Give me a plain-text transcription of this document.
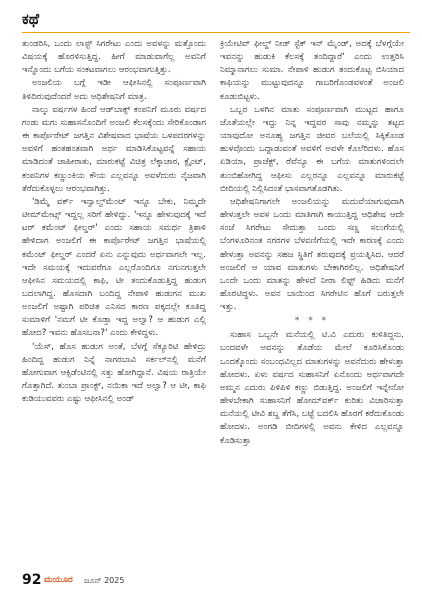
ಕಥೆ

ತುಂಡರಿಸಿ, ಒಂದು ಲಾಸ್ಟ್ ಸಿಗರೇಟು ಎಂದು ಅವಳನ್ನು ಮತ್ತೊಂದು ವಿಷಯಕ್ಕೆ ಹೊರಳಿಸುತ್ತಿದ್ದ. ಹೀಗೆ ಮಾಡುವಾಗೆಲ್ಲ ಅವನಿಗೆ ಇನ್ನೊಂದು ಬಗೆಯ ಸಂಕಟವಾಗಲು ಆರಂಭವಾಗುತ್ತಿತ್ತು.

ಅಂಜಲಿಯ ಬಗ್ಗೆ ಇಡೀ ಆಫೀಸಿನಲ್ಲಿ ಸಂಪೂರ್ಣವಾಗಿ ತಿಳಿದಿರುವುದೆಂದರೆ ಅದು ಆಧಿಶೇಷನಿಗೆ ಮಾತ್ರ.

ನಾಲ್ಕು ವರ್ಷಗಳ ಹಿಂದೆ ಆಡ್‌ಬಾಕ್ಸ್ ಕಂಪನಿಗೆ ಮೂರು ವರ್ಷದ ಗಂಡು ಮಗು ಸುಹಾಸನೊಂದಿಗೆ ಅಂಜಲಿ ಕೆಲಸಕ್ಕೆಂದು ಸೇರಿಕೊಂಡಾಗ ಈ ಕಾರ್ಪೊರೇಟ್ ಜಗತ್ತಿನ ವಿಶೇಷವಾದ ಭಾಷೆಯ ಒಳಪದರಗಳನ್ನು ಅವಳಿಗೆ ಹಂತಹಂತವಾಗಿ ಅರ್ಥ ಮಾಡಿಸಿಕೊಟ್ಟವನ್ನೆ ಸಹಾಯ ಮಾಡಿದಂತೆ ಜಾಹೀರಾತು, ಮಾರುಕಟ್ಟೆ ವಿಚಿತ್ರ ಲೆಕ್ಕಾಚಾರ, ಕ್ಲೈಂಟ್, ಕಂಪನಿಗಳ ಕಣ್ಣುಂಕಿಯ ಕೌಯ ಎಲ್ಲವನ್ನೂ ಅವಳೆದುರು ನೈಜವಾಗಿ ತೆರೆದುಕೊಳ್ಳಲು ಆರಂಭವಾಗಿತ್ತು.

'ಡಿಮ್ಮೆ ವರ್ಕ್ ಇನ್ವಾಲ್ವ್‌ಮೆಂಟ್ ಇನ್ನೂ ಬೇಕು, ನಿಮ್ಮದೇ ಟೀಮ್‌ಮೇಟ್ಸ್ ಇದ್ದಲ್ಲ ಸರಿಗೆ ಹೇಳಿದ್ದು. 'ಇನ್ನೂ ಹೇಳುವುದಕ್ಕೆ ಇದೆ ಟರ್ ಕಮೆಂಟ್ ಫೀಲ್ಡರ್' ಎಂದು ಸಹಾಯ ಸಮರ್ಥ ತ್ರಿಶಾಳಿ ಹೇಳಿದಾಗ ಅಂಜಲಿಗೆ ಈ ಕಾರ್ಪೊರೇಟ್ ಜಗತ್ತಿನ ಭಾಷೆಯಲ್ಲಿ ಕಮೆಂಟ್ ಫೀಲ್ಡರ್ ಎಂದರೆ ಏನು ಎನ್ನುವುದು ಅರ್ಥವಾಗಲೇ ಇಲ್ಲ. ಇದೇ ಸಮಯಕ್ಕೆ ಇದುವರೆಗೂ ಎಲ್ಲರೊಂದಿಗೂ ನಗುನಗುತ್ತಲೇ ಆಫೀಸಿನ ಸಮಯದಲ್ಲಿ ಕಾಫಿ, ಟೀ ತಂದುಕೊಡುತ್ತಿದ್ದ ಹುಡುಗ ಬದಲಾಗಿದ್ದ. ಹೊಸದಾಗಿ ಬಂದಿದ್ದ ನೇಪಾಳಿ ಹುಡುಗನ ಮುಖ ಅಂಜಲಿಗೆ ಅಷ್ಟಾಗಿ ಪರಿಚಿತ ಎನಿಸದ ಕಾರಣ ಪಕ್ಕದಲ್ಲೇ ಕೂತಿದ್ದ ಸುಮಾಳಿಗೆ 'ನಮಗೆ ಟೀ ಕೊಡ್ತಾ ಇದ್ದ ಅಲ್ವಾ? ಆ ಹುಡುಗ ಎಲ್ಲಿ ಹೋದ? ಇವನು ಹೊಸಬನಾ?' ಎಂದು ಕೇಳಿದ್ದಳು.

'ಯೆಸ್, ಹೊಸ ಹುಡುಗ ಅಂತೆ, ಬೆಳಗ್ಗೆ ಸೆಕ್ಯೂರಿಟಿ ಹೇಳಿದ್ರು ಹಿಂದಿದ್ದ ಹುಡುಗ ನಿನ್ನೆ ನಾಗರಬಾವಿ ಸರ್ಕಲ್‌ನಲ್ಲಿ ಮನೆಗೆ ಹೋಗುವಾಗ ಆಕ್ಸಿಡೆಂಟಿನಲ್ಲಿ ಸತ್ತು ಹೋಗಿದ್ದಾನೆ. ವಿಷಯ ರಾತ್ರಿಯೇ ಗೊತ್ತಾಗಿದೆ. ತುಂಬಾ ಪ್ರಾಂಕ್ಟ್, ನಯಿಕಾ ಇದೆ ಅಲ್ವಾ? ಆ ಟೀ, ಕಾಫಿ ಕುಡಿಯುವವರು ಎಷ್ಟು ಆಫೀಸಿನಲ್ಲಿ ಅಂಡ್

ಕ್ರಿಯೇಟಿವ್ ಫೀಲ್ಡ್ ನೀಡ್ ಸ್ಟೆಕ್ ಇನ್ ಮೈಂಡ್, ಅದಕ್ಕೆ ಬೆಳಗ್ಗೆಯೇ ಇವನನ್ನು ಹುಡುಕಿ ಕೆಲಸಕ್ಕೆ ತಂದಿದ್ದಾರೆ' ಎಂದು ಉತ್ತರಿಸಿ ನಿಮ್ಮಾನಾಗಲು ಸುಮಾ. ನೇಪಾಳಿ ಹುಡುಗ ತಂದುಕೊಟ್ಟ ಬಿಸಿಯಾದ ಕಾಫಿಯನ್ನು ಮುಟ್ಟುವುದನ್ನೂ ಗಾಬರಿಗೊಂಡವಳಂತೆ ಅಂಜಲಿ ಕೂಡುಬಿಟ್ಟಳು.

ಒಬ್ಬರ ಒಳಗಿನ ಮಾತು ಸಂಪೂರ್ಣವಾಗಿ ಮುಟ್ಟದ ಹಾಗೂ ಜೊತೆಯಲ್ಲೇ ಇದ್ದು ನಿನ್ನ ಇದ್ದವರ ಸಾವು ನಮ್ಮನ್ನು ತಟ್ಟದ ಯಾವುದೋ ಅನೂಹ್ಯ ಜಗತ್ತಿನ ಜೀವರ ಬಲೆಯಲ್ಲಿ ಸಿಕ್ಕಿಕೊಂಡ ಹುಳವೊಂದು ಒದ್ದಾಡುವಂತೆ ಅವಳಿಗೆ ಅವಳೇ ಕೊಲೆರಿದಳು. ಹೊಸ ಏಡಿಯಾ, ಪ್ರಾಜೆಕ್ಟ್, ರೆವೆನ್ಯೂ ಈ ಬಗೆಯ ಮಾತುಗಳಿಂದಲೇ ತುಂಬಿಹೋಗಿದ್ದ ಆಫೀಸು ಎಲ್ಲರನ್ನೂ ಎಲ್ಲವನ್ನೂ ಮಾರುಕಟ್ಟೆ ಬೀದಿಯಲ್ಲಿ ನಿಲ್ಲಿಸಿದಂತೆ ಭಾಸವಾಗತೊಡಗಿತು.

ಆಧಿಶೇಷನಿಗಾಗಲೇ ಅಂಜಲಿಯನ್ನು ಮದುವೆಯಾಗುವುದಾಗಿ ಹೇಳುತ್ತಲೇ ಅವಳ ಒಂದು ಮಾತಿಗಾಗಿ ಕಾಯುತ್ತಿದ್ದ ಆಧಿಶೇಷ ಆದೇ ಸಂಜೆ ಸಿಗರೇಟು ಸೇದುತ್ತಾ ಒಂದು ಸಣ್ಣ ಸಲುಗೆಯಲ್ಲಿ ಬೆಂಗಳೂರಿನಂತ ನಗರಗಳ ಬೆಳವಣಿಗೆಯಲ್ಲಿ ಇದೇ ಕಾರಣಕ್ಕೆ ಎಂದು ಹೇಳುತ್ತಾ ಅವನನ್ನು ಸಹಜ ಸ್ಥಿತಿಗೆ ತರುವುದಕ್ಕೆ ಪ್ರಯತ್ನಿಸಿದ. ಆದರೆ ಅಂಜಲಿಗೆ ಆ ಯಾವ ಮಾತುಗಳು ಬೇಕಾಗಿರಲಿಲ್ಲ. ಆಧಿಶೇಷನಿಗೆ ಒಂದೇ ಒಂದು ಮಾತನ್ನು ಹೇಳದೆ ನೀರಾ ಲಿಫ್ಟ್ ಹಿಡಿದು ಮನೆಗೆ ಹೊರಟಿದ್ದಳು. ಅವನ ಬಾಯಿಂದ ಸಿಗರೇಟಿನ ಹೊಗೆ ಬರುತ್ತಲೇ ಇತ್ತು.

* * *

ಸುಹಾಸ ಒಬ್ಬನೇ ಮನೆಯಲ್ಲಿ ಟಿ.ವಿ ಎದುರು ಕುಳಿತಿದ್ದನು. ಬಂದವಳೇ ಅವನನ್ನು ತೊಡೆಯ ಮೇಲೆ ಕೂರಿಸಿಕೊಂಡು ಒಂದಕ್ಕೊಂದು ಸಂಬಂಧವಿಲ್ಲದ ಮಾತುಗಳನ್ನು ಅವನೆದುರು ಹೇಳುತ್ತಾ ಹೋದಳು. ಏಳು ವರ್ಷದ ಸುಹಾಸನಿಗೆ ಏನೊಂದು ಅರ್ಥವಾಗದೇ ಅಮ್ಮನ ಎದುರು ಪಿಳಿಪಿಳಿ ಕಣ್ಣು ಬಿಡುತ್ತಿದ್ದ. ಅಂಜಲಿಗೆ ಇನ್ನೇನೋ ಹೇಳಬೇಕಾಗಿ ಸುಹಾಸನಿಗೆ ಹೋಮ್‌ವರ್ಕ್ ಕುರಿತು ವಿಚಾರಿಸುತ್ತಾ ಮನೆಯಲ್ಲಿ ಟೀವಿ ಶಬ್ದ ತೆಗೆಸಿ, ಬಟ್ಟೆ ಬದಲಿಸಿ ಹೊರಗೆ ಕರೆದುಕೊಂಡು ಹೋದಳು. ಅಂಗಡಿ ಬೀದಿಗಳಲ್ಲಿ ಅವನು ಕೇಳಿದ ಎಲ್ಲವನ್ನೂ ಕೊಡಿಸುತ್ತಾ

92 ಮಯೂರ ಜೂನ್ 2025
